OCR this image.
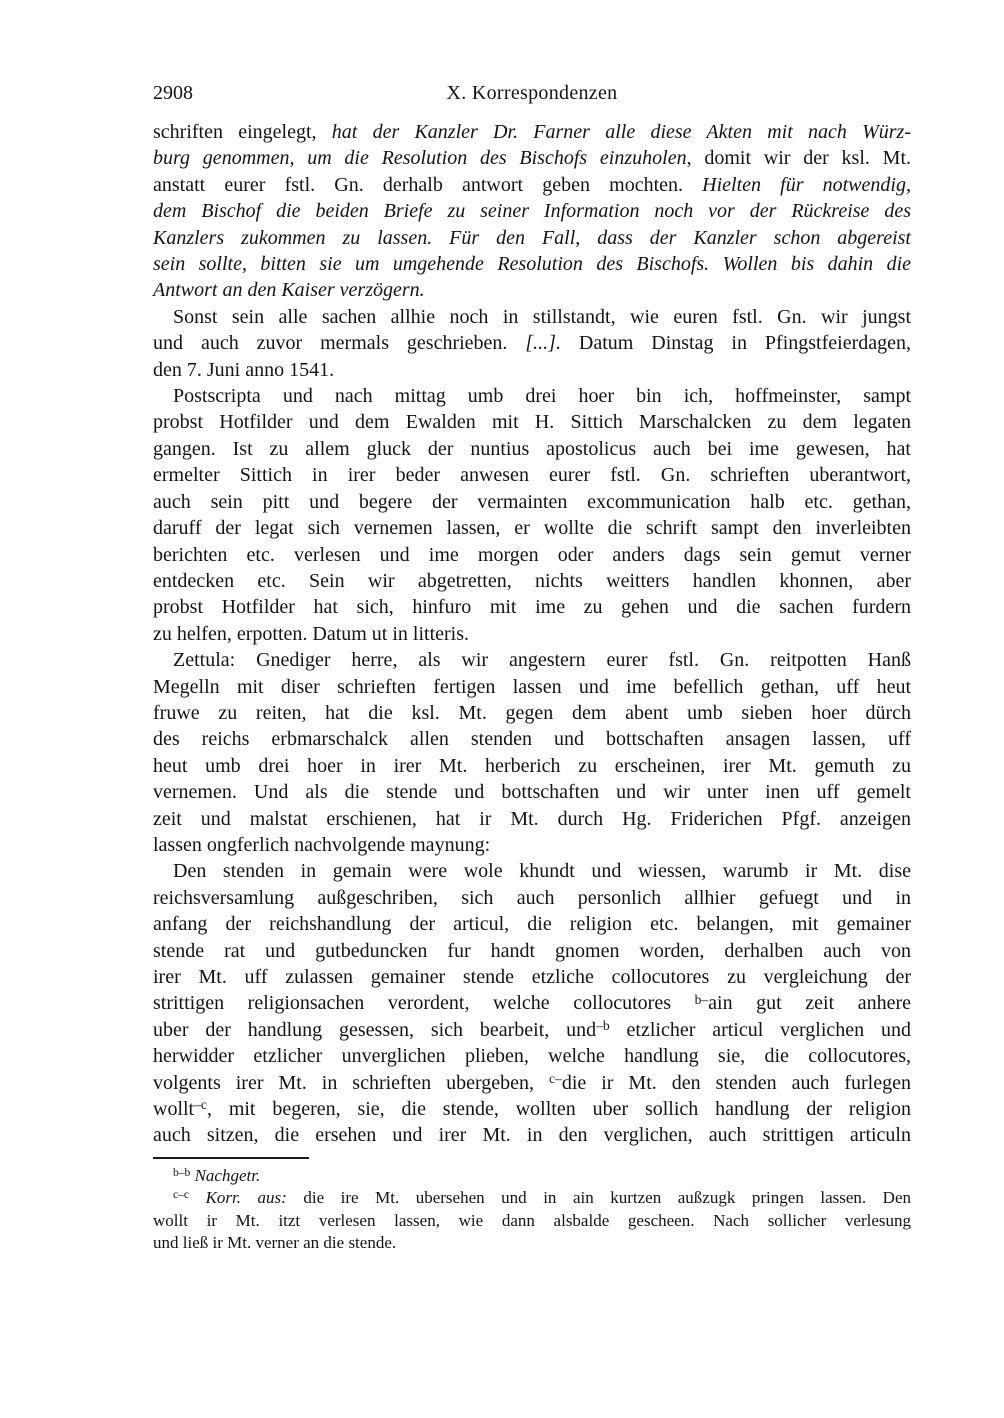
2908	X. Korrespondenzen
schriften eingelegt, hat der Kanzler Dr. Farner alle diese Akten mit nach Würz-
burg genommen, um die Resolution des Bischofs einzuholen, domit wir der ksl. Mt.
anstatt eurer fstl. Gn. derhalb antwort geben mochten. Hielten für notwendig,
dem Bischof die beiden Briefe zu seiner Information noch vor der Rückreise des
Kanzlers zukommen zu lassen. Für den Fall, dass der Kanzler schon abgereist
sein sollte, bitten sie um umgehende Resolution des Bischofs. Wollen bis dahin die
Antwort an den Kaiser verzögern.
Sonst sein alle sachen allhie noch in stillstandt, wie euren fstl. Gn. wir jungst
und auch zuvor mermals geschrieben. [...]. Datum Dinstag in Pfingstfeierdagen,
den 7. Juni anno 1541.
Postscripta und nach mittag umb drei hoer bin ich, hoffmeinster, sampt
probst Hotfilder und dem Ewalden mit H. Sittich Marschalcken zu dem legaten
gangen. Ist zu allem gluck der nuntius apostolicus auch bei ime gewesen, hat
ermelter Sittich in irer beder anwesen eurer fstl. Gn. schrieften uberantwort,
auch sein pitt und begere der vermainten excommunication halb etc. gethan,
daruff der legat sich vernemen lassen, er wollte die schrift sampt den inverleibten
berichten etc. verlesen und ime morgen oder anders dags sein gemut verner
entdecken etc. Sein wir abgetretten, nichts weitters handlen khonnen, aber
probst Hotfilder hat sich, hinfuro mit ime zu gehen und die sachen furdern
zu helfen, erpotten. Datum ut in litteris.
Zettula: Gnediger herre, als wir angestern eurer fstl. Gn. reitpotten Hanß
Megelln mit diser schrieften fertigen lassen und ime befellich gethan, uff heut
fruwe zu reiten, hat die ksl. Mt. gegen dem abent umb sieben hoer dürch
des reichs erbmarschalck allen stenden und bottschaften ansagen lassen, uff
heut umb drei hoer in irer Mt. herberich zu erscheinen, irer Mt. gemuth zu
vernemen. Und als die stende und bottschaften und wir unter inen uff gemelt
zeit und malstat erschienen, hat ir Mt. durch Hg. Friderichen Pfgf. anzeigen
lassen ongferlich nachvolgende maynung:
Den stenden in gemain were wole khundt und wiessen, warumb ir Mt. dise
reichsversamlung außgeschriben, sich auch personlich allhier gefuegt und in
anfang der reichshandlung der articul, die religion etc. belangen, mit gemainer
stende rat und gutbeduncken fur handt gnomen worden, derhalben auch von
irer Mt. uff zulassen gemainer stende etzliche collocutores zu vergleichung der
strittigen religionsachen verordent, welche collocutores $^{b-}$ain gut zeit anhere
uber der handlung gesessen, sich bearbeit, und$^{-b}$ etzlicher articul verglichen und
herwidder etzlicher unverglichen plieben, welche handlung sie, die collocutores,
volgents irer Mt. in schrieften ubergeben, $^{c-}$die ir Mt. den stenden auch furlegen
wollt$^{-c}$, mit begeren, sie, die stende, wollten uber sollich handlung der religion
auch sitzen, die ersehen und irer Mt. in den verglichen, auch strittigen articuln
$^{b-b}$ Nachgetr.
$^{c-c}$ Korr. aus: die ire Mt. ubersehen und in ain kurtzen außzugk pringen lassen. Den
wollt ir Mt. itzt verlesen lassen, wie dann alsbalde gescheen. Nach sollicher verlesung
und ließ ir Mt. verner an die stende.
